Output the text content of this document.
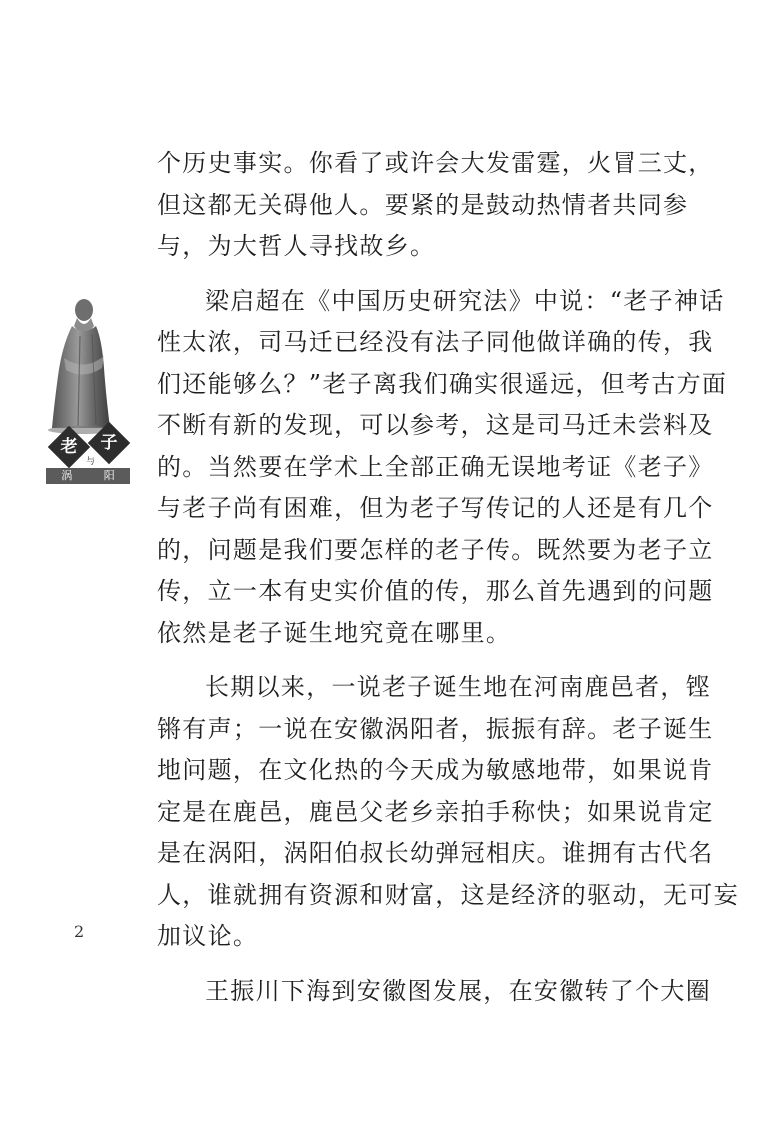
老	子
与
涡 阳
个历史事实。你看了或许会大发雷霆，火冒三丈，
但这都无关碍他人。要紧的是鼓动热情者共同参
与，为大哲人寻找故乡。
梁启超在《中国历史研究法》中说：“老子神话
性太浓，司马迁已经没有法子同他做详确的传，我
们还能够么？”老子离我们确实很遥远，但考古方面
不断有新的发现，可以参考，这是司马迁未尝料及
的。当然要在学术上全部正确无误地考证《老子》
与老子尚有困难，但为老子写传记的人还是有几个
的，问题是我们要怎样的老子传。既然要为老子立
传，立一本有史实价值的传，那么首先遇到的问题
依然是老子诞生地究竟在哪里。
长期以来，一说老子诞生地在河南鹿邑者，铿
锵有声；一说在安徽涡阳者，振振有辞。老子诞生
地问题，在文化热的今天成为敏感地带，如果说肯
定是在鹿邑，鹿邑父老乡亲拍手称快；如果说肯定
是在涡阳，涡阳伯叔长幼弹冠相庆。谁拥有古代名
人，谁就拥有资源和财富，这是经济的驱动，无可妄
加议论。
王振川下海到安徽图发展，在安徽转了个大圈
2
